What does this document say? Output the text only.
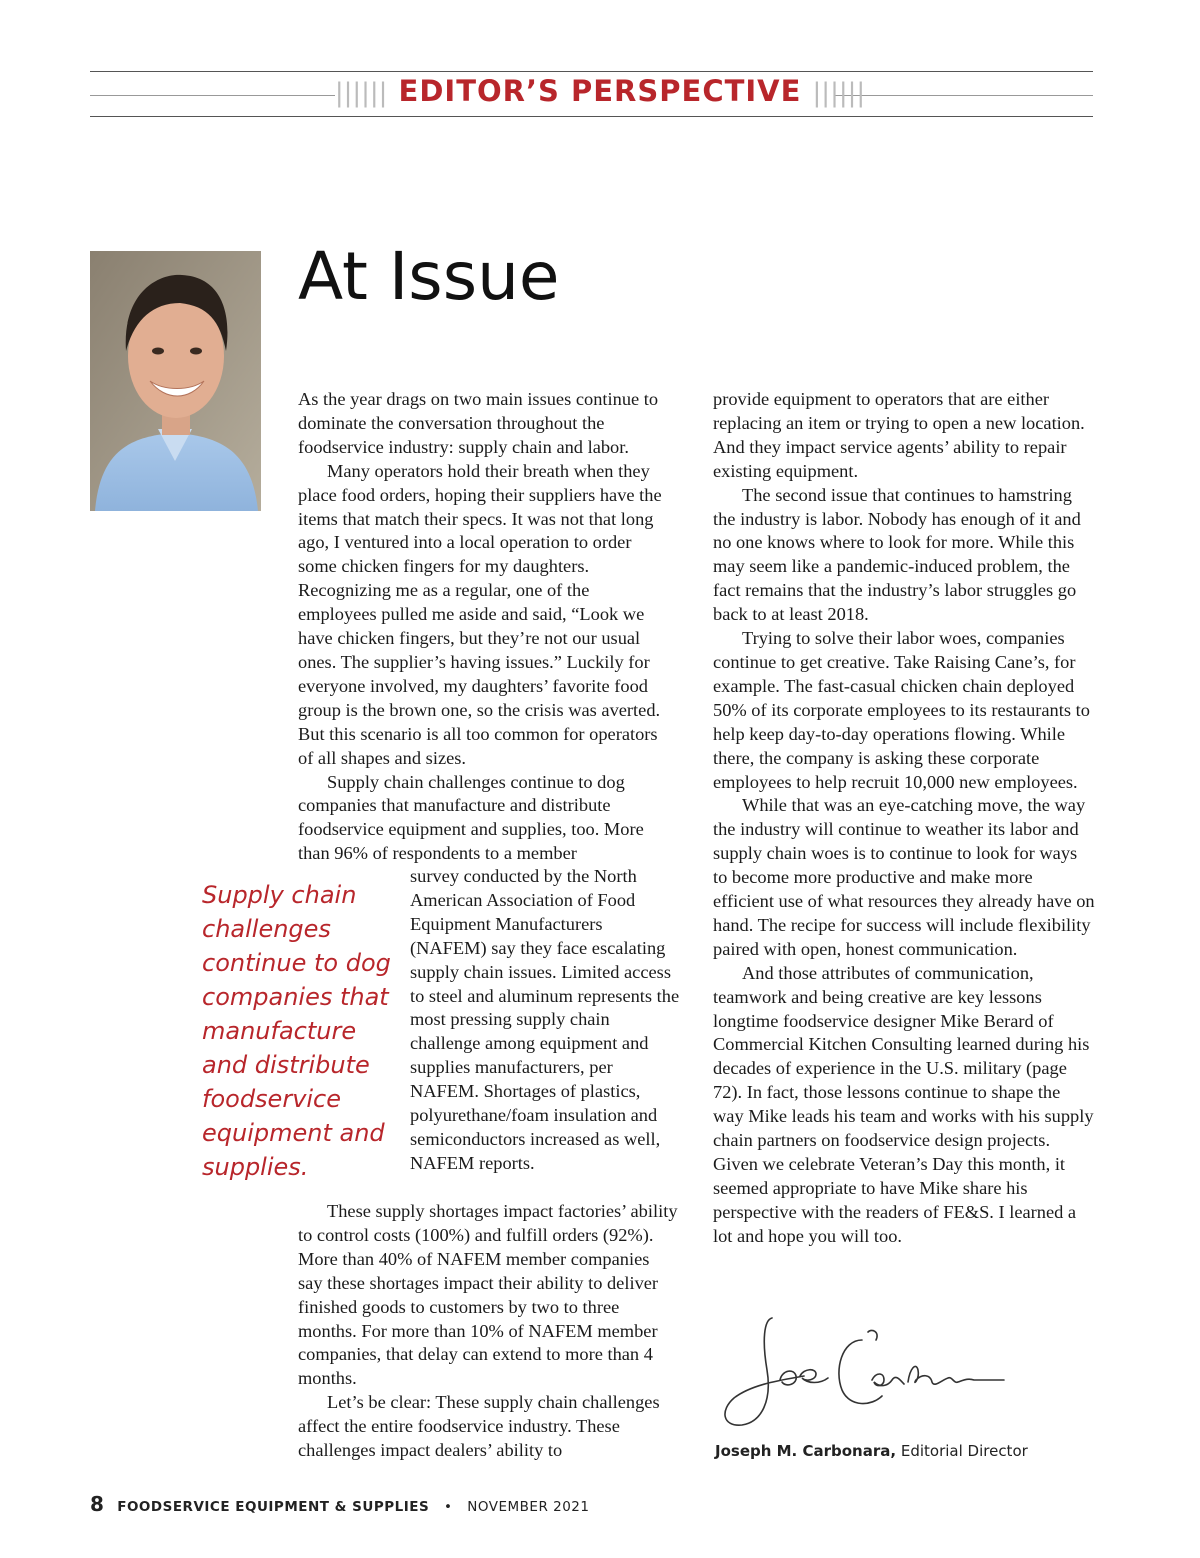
|||||| EDITOR’S PERSPECTIVE ||||||
At Issue

As the year drags on two main issues continue to dominate the conversation throughout the foodservice industry: supply chain and labor.

Many operators hold their breath when they place food orders, hoping their suppliers have the items that match their specs. It was not that long ago, I ventured into a local operation to order some chicken fingers for my daughters. Recognizing me as a regular, one of the employees pulled me aside and said, “Look we have chicken fingers, but they’re not our usual ones. The supplier’s having issues.” Luckily for everyone involved, my daughters’ favorite food group is the brown one, so the crisis was averted. But this scenario is all too common for operators of all shapes and sizes.

Supply chain challenges continue to dog companies that manufacture and distribute foodservice equipment and supplies, too. More than 96% of respondents to a member

Supply chain challenges continue to dog companies that manufacture and distribute foodservice equipment and supplies.

survey conducted by the North American Association of Food Equipment Manufacturers (NAFEM) say they face escalating supply chain issues. Limited access to steel and aluminum represents the most pressing supply chain challenge among equipment and supplies manufacturers, per NAFEM. Shortages of plastics, polyurethane/foam insulation and semiconductors increased as well, NAFEM reports.

These supply shortages impact factories’ ability to control costs (100%) and fulfill orders (92%). More than 40% of NAFEM member companies say these shortages impact their ability to deliver finished goods to customers by two to three months. For more than 10% of NAFEM member companies, that delay can extend to more than 4 months.

Let’s be clear: These supply chain challenges affect the entire foodservice industry. These challenges impact dealers’ ability to

provide equipment to operators that are either replacing an item or trying to open a new location. And they impact service agents’ ability to repair existing equipment.

The second issue that continues to hamstring the industry is labor. Nobody has enough of it and no one knows where to look for more. While this may seem like a pandemic-induced problem, the fact remains that the industry’s labor struggles go back to at least 2018.

Trying to solve their labor woes, companies continue to get creative. Take Raising Cane’s, for example. The fast-casual chicken chain deployed 50% of its corporate employees to its restaurants to help keep day-to-day operations flowing. While there, the company is asking these corporate employees to help recruit 10,000 new employees.

While that was an eye-catching move, the way the industry will continue to weather its labor and supply chain woes is to continue to look for ways to become more productive and make more efficient use of what resources they already have on hand. The recipe for success will include flexibility paired with open, honest communication.

And those attributes of communication, teamwork and being creative are key lessons longtime foodservice designer Mike Berard of Commercial Kitchen Consulting learned during his decades of experience in the U.S. military (page 72). In fact, those lessons continue to shape the way Mike leads his team and works with his supply chain partners on foodservice design projects. Given we celebrate Veteran’s Day this month, it seemed appropriate to have Mike share his perspective with the readers of FE&S. I learned a lot and hope you will too.

Joseph M. Carbonara, Editorial Director
8 FOODSERVICE EQUIPMENT & SUPPLIES • NOVEMBER 2021
